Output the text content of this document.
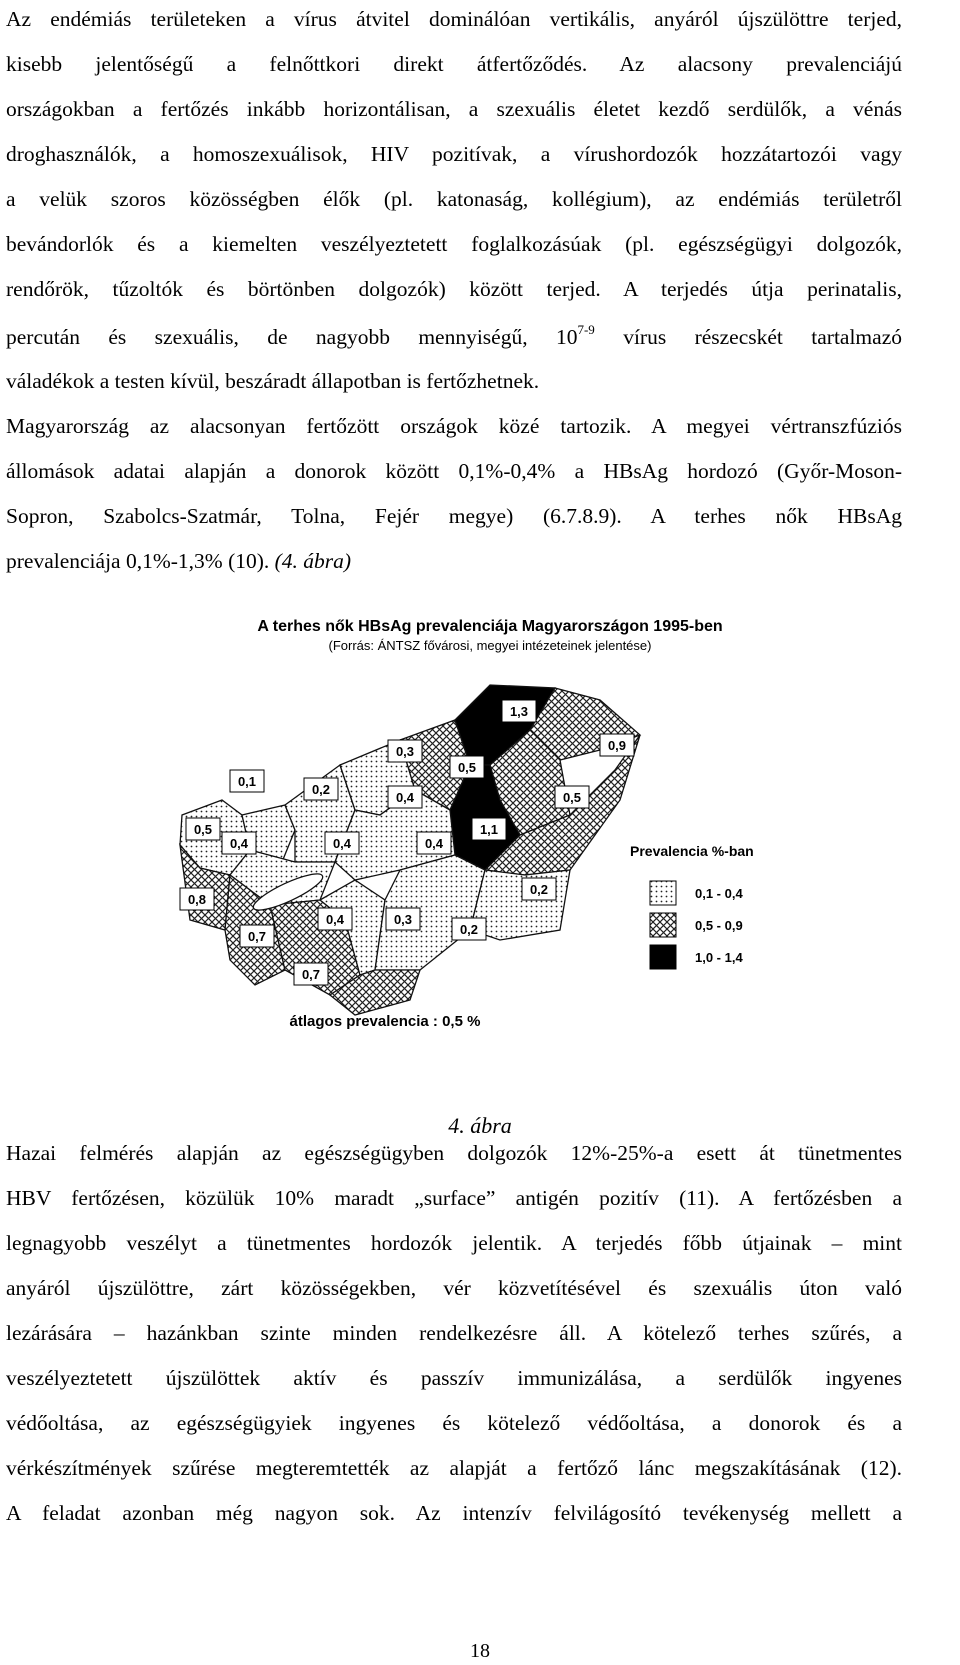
Az endémiás területeken a vírus átvitel dominálóan vertikális, anyáról újszülöttre terjed,
kisebb jelentőségű a felnőttkori direkt átfertőződés. Az alacsony prevalenciájú
országokban a fertőzés inkább horizontálisan, a szexuális életet kezdő serdülők, a vénás
droghasználók, a homoszexuálisok, HIV pozitívak, a vírushordozók hozzátartozói vagy
a velük szoros közösségben élők (pl. katonaság, kollégium), az endémiás területről
bevándorlók és a kiemelten veszélyeztetett foglalkozásúak (pl. egészségügyi dolgozók,
rendőrök, tűzoltók és börtönben dolgozók) között terjed. A terjedés útja perinatalis,
percután és szexuális, de nagyobb mennyiségű, 10$^{7-9}$ vírus részecskét tartalmazó
váladékok a testen kívül, beszáradt állapotban is fertőzhetnek.
Magyarország az alacsonyan fertőzött országok közé tartozik. A megyei vértranszfúziós
állomások adatai alapján a donorok között 0,1%-0,4% a HBsAg hordozó (Győr-Moson-
Sopron, Szabolcs-Szatmár, Tolna, Fejér megye) (6.7.8.9). A terhes nők HBsAg
prevalenciája 0,1%-1,3% (10). (4. ábra)
A terhes nők HBsAg prevalenciája Magyarországon 1995-ben
(Forrás: ÁNTSZ fővárosi, megyei intézeteinek jelentése)
1,3
0,3	0,9
0,5
0,1
0,2
0,4	0,5
0,5	1,1
0,4	0,4	0,4
0,8
0,2
0,4	0,3
0,7	0,2
0,7
Prevalencia %-ban
0,1 - 0,4
0,5 - 0,9
1,0 - 1,4
átlagos prevalencia : 0,5 %
4. ábra
Hazai felmérés alapján az egészségügyben dolgozók 12%-25%-a esett át tünetmentes
HBV fertőzésen, közülük 10% maradt „surface” antigén pozitív (11). A fertőzésben a
legnagyobb veszélyt a tünetmentes hordozók jelentik. A terjedés főbb útjainak – mint
anyáról újszülöttre, zárt közösségekben, vér közvetítésével és szexuális úton való
lezárására – hazánkban szinte minden rendelkezésre áll. A kötelező terhes szűrés, a
veszélyeztetett újszülöttek aktív és passzív immunizálása, a serdülők ingyenes
védőoltása, az egészségügyiek ingyenes és kötelező védőoltása, a donorok és a
vérkészítmények szűrése megteremtették az alapját a fertőző lánc megszakításának (12).
A feladat azonban még nagyon sok. Az intenzív felvilágosító tevékenység mellett a
18
